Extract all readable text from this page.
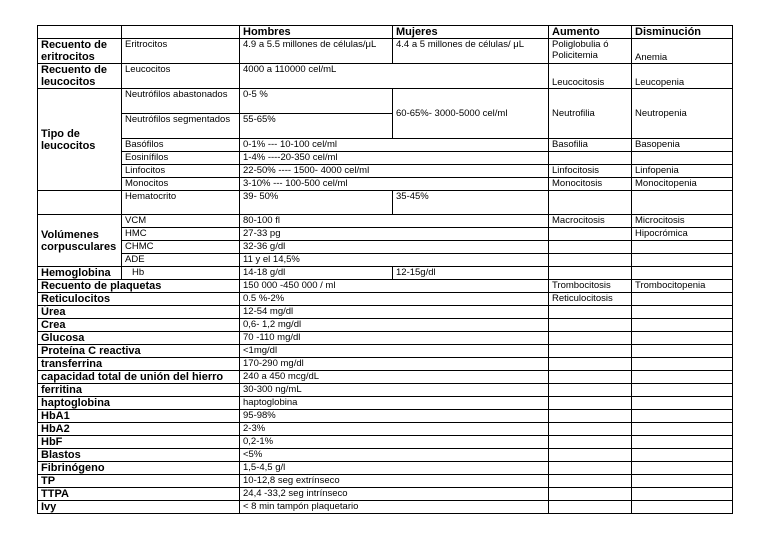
		Hombres	Mujeres	Aumento	Disminución
Recuento de eritrocitos	Eritrocitos	4.9 a 5.5 millones de células/μL	4.4 a 5 millones de células/ μL	Poliglobulia ó Policitemia	Anemia
Recuento de leucocitos	Leucocitos	4000 a 110000 cel/mL		Leucocitosis	Leucopenia
Tipo de leucocitos	Neutrófilos abastonados	0-5 %	60-65%- 3000-5000 cel/ml	Neutrofilia	Neutropenia
	Neutrófilos segmentados	55-65%			
	Basófilos	0-1% --- 10-100 cel/ml		Basofilia	Basopenia
	Eosinífilos	1-4% ----20-350 cel/ml			
	Linfocitos	22-50% ---- 1500- 4000 cel/ml		Linfocitosis	Linfopenia
	Monocitos	3-10% --- 100-500 cel/ml		Monocitosis	Monocitopenia
	Hematocrito	39- 50%	35-45%		
Volúmenes corpusculares	VCM	80-100 fl		Macrocitosis	Microcitosis
	HMC	27-33 pg			Hipocrómica
	CHMC	32-36 g/dl			
	ADE	11 y el 14,5%			
Hemoglobina	Hb	14-18 g/dl	12-15g/dl		
Recuento de plaquetas		150 000 -450 000 / ml		Trombocitosis	Trombocitopenia
Reticulocitos		0.5 %-2%		Reticulocitosis	
Úrea		12-54 mg/dl			
Crea		0,6- 1,2 mg/dl			
Glucosa		70 -110 mg/dl			
Proteína C reactiva		<1mg/dl			
transferrina		170-290 mg/dl			
capacidad total de unión del hierro		240 a 450 mcg/dL			
ferritina		30-300 ng/mL			
haptoglobina		haptoglobina			
HbA1		95-98%			
HbA2		2-3%			
HbF		0,2-1%			
Blastos		<5%			
Fibrinógeno		1,5-4,5 g/l			
TP		10-12,8 seg extrínseco			
TTPA		24,4 -33,2 seg intrínseco			
Ivy		< 8 min tampón plaquetario			
